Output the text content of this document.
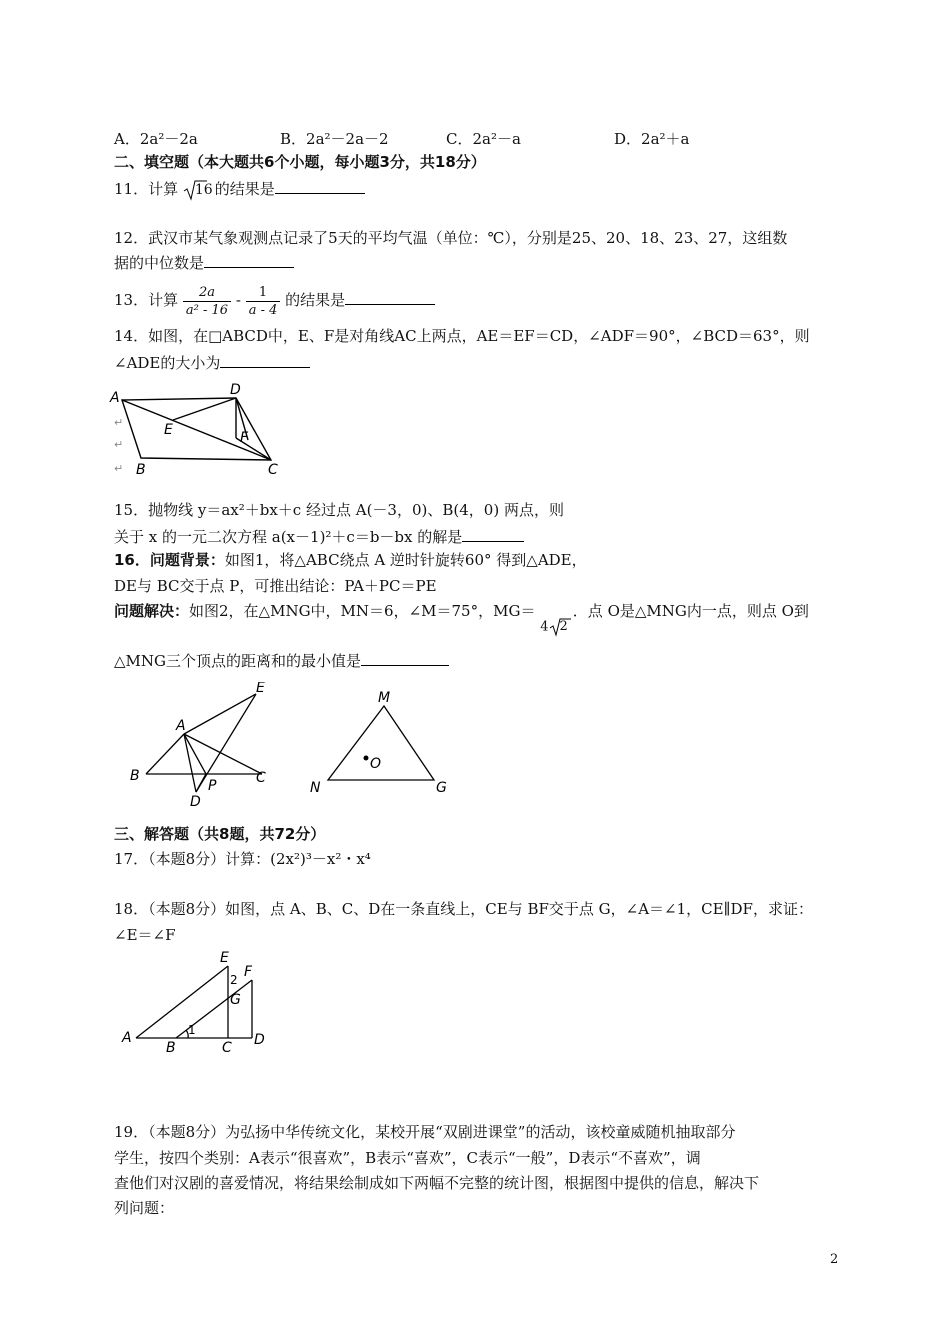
A．2a²－2a	B．2a²－2a－2	C．2a²－a	D．2a²＋a
二、填空题（本大题共6个小题，每小题3分，共18分）
11．计算 16 的结果是
12．武汉市某气象观测点记录了5天的平均气温（单位：℃），分别是25、20、18、23、27，这组数
据的中位数是
13．计算 $\frac{2a}{\text{a² - 16}} - \frac{1}{a - 4}$ 的结果是
14．如图，在□ABCD中，E、F是对角线AC上两点，AE＝EF＝CD，∠ADF＝90°，∠BCD＝63°，则
∠ADE的大小为
A	D
E	F
B	C
↵
↵
↵
15．抛物线 y＝ax²＋bx＋c 经过点 A(－3，0)、B(4，0) 两点，则
关于 x 的一元二次方程 a(x－1)²＋c＝b－bx 的解是
16．问题背景：如图1，将△ABC绕点 A 逆时针旋转60° 得到△ADE，
DE与 BC交于点 P，可推出结论：PA＋PC＝PE
问题解决：如图2，在△MNG中，MN＝6，∠M＝75°，MG＝ 4 2．点 O是△MNG内一点，则点 O到
△MNG三个顶点的距离和的最小值是
A
E
B	C
P
D
M
N	G
O
三、解答题（共8题，共72分）
17．（本题8分）计算：(2x²)³－x²・x⁴
18．（本题8分）如图，点 A、B、C、D在一条直线上，CE与 BF交于点 G，∠A＝∠1，CE∥DF，求证：
∠E＝∠F
E
F
2
G
1
A
B	C D
19．（本题8分）为弘扬中华传统文化，某校开展“双剧进课堂”的活动，该校童威随机抽取部分
学生，按四个类别：A表示“很喜欢”，B表示“喜欢”，C表示“一般”，D表示“不喜欢”，调
查他们对汉剧的喜爱情况，将结果绘制成如下两幅不完整的统计图，根据图中提供的信息，解决下
列问题：
2
